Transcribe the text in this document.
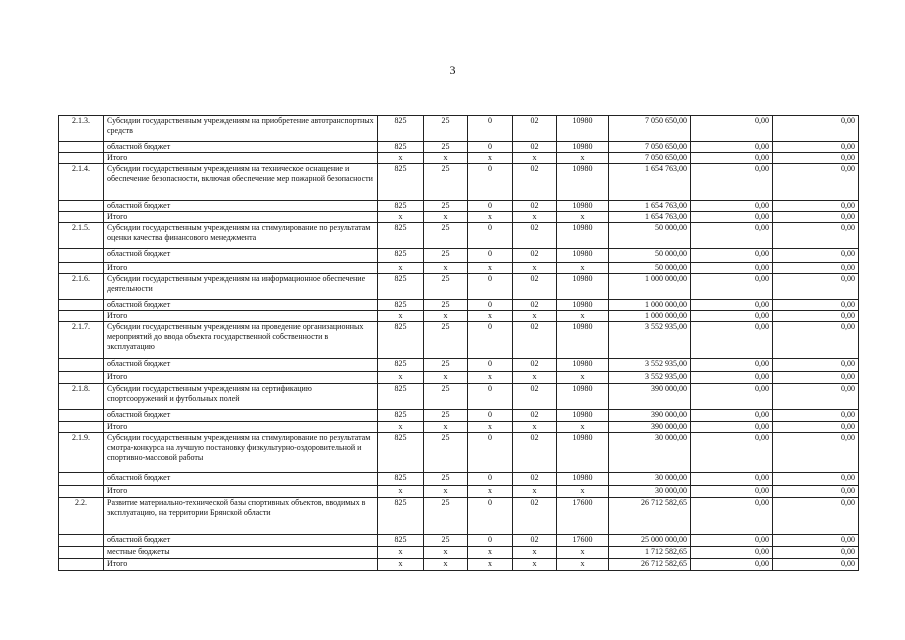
3
2.1.3.	Субсидии государственным учреждениям на приобретение автотранспортных средств	825	25	0	02	10980	7 050 650,00	0,00	0,00
	областной бюджет	825	25	0	02	10980	7 050 650,00	0,00	0,00
	Итого	х	х	х	х	х	7 050 650,00	0,00	0,00
2.1.4.	Субсидии государственным учреждениям на техническое оснащение и обеспечение безопасности, включая обеспечение мер пожарной безопасности	825	25	0	02	10980	1 654 763,00	0,00	0,00
	областной бюджет	825	25	0	02	10980	1 654 763,00	0,00	0,00
	Итого	х	х	х	х	х	1 654 763,00	0,00	0,00
2.1.5.	Субсидии государственным учреждениям на стимулирование по результатам оценки качества финансового менеджмента	825	25	0	02	10980	50 000,00	0,00	0,00
	областной бюджет	825	25	0	02	10980	50 000,00	0,00	0,00
	Итого	х	х	х	х	х	50 000,00	0,00	0,00
2.1.6.	Субсидии государственным учреждениям на информационное обеспечение деятельности	825	25	0	02	10980	1 000 000,00	0,00	0,00
	областной бюджет	825	25	0	02	10980	1 000 000,00	0,00	0,00
	Итого	х	х	х	х	х	1 000 000,00	0,00	0,00
2.1.7.	Субсидии государственным учреждениям на проведение организационных мероприятий до ввода объекта государственной собственности в эксплуатацию	825	25	0	02	10980	3 552 935,00	0,00	0,00
	областной бюджет	825	25	0	02	10980	3 552 935,00	0,00	0,00
	Итого	х	х	х	х	х	3 552 935,00	0,00	0,00
2.1.8.	Субсидии государственным учреждениям на сертификацию спортсооружений и футбольных полей	825	25	0	02	10980	390 000,00	0,00	0,00
	областной бюджет	825	25	0	02	10980	390 000,00	0,00	0,00
	Итого	х	х	х	х	х	390 000,00	0,00	0,00
2.1.9.	Субсидии государственным учреждениям на стимулирование по результатам смотра-конкурса на лучшую постановку физкультурно-оздоровительной и спортивно-массовой работы	825	25	0	02	10980	30 000,00	0,00	0,00
	областной бюджет	825	25	0	02	10980	30 000,00	0,00	0,00
	Итого	х	х	х	х	х	30 000,00	0,00	0,00
2.2.	Развитие материально-технической базы спортивных объектов, вводимых в эксплуатацию, на территории Брянской области	825	25	0	02	17600	26 712 582,65	0,00	0,00
	областной бюджет	825	25	0	02	17600	25 000 000,00	0,00	0,00
	местные бюджеты	х	х	х	х	х	1 712 582,65	0,00	0,00
	Итого	х	х	х	х	х	26 712 582,65	0,00	0,00
